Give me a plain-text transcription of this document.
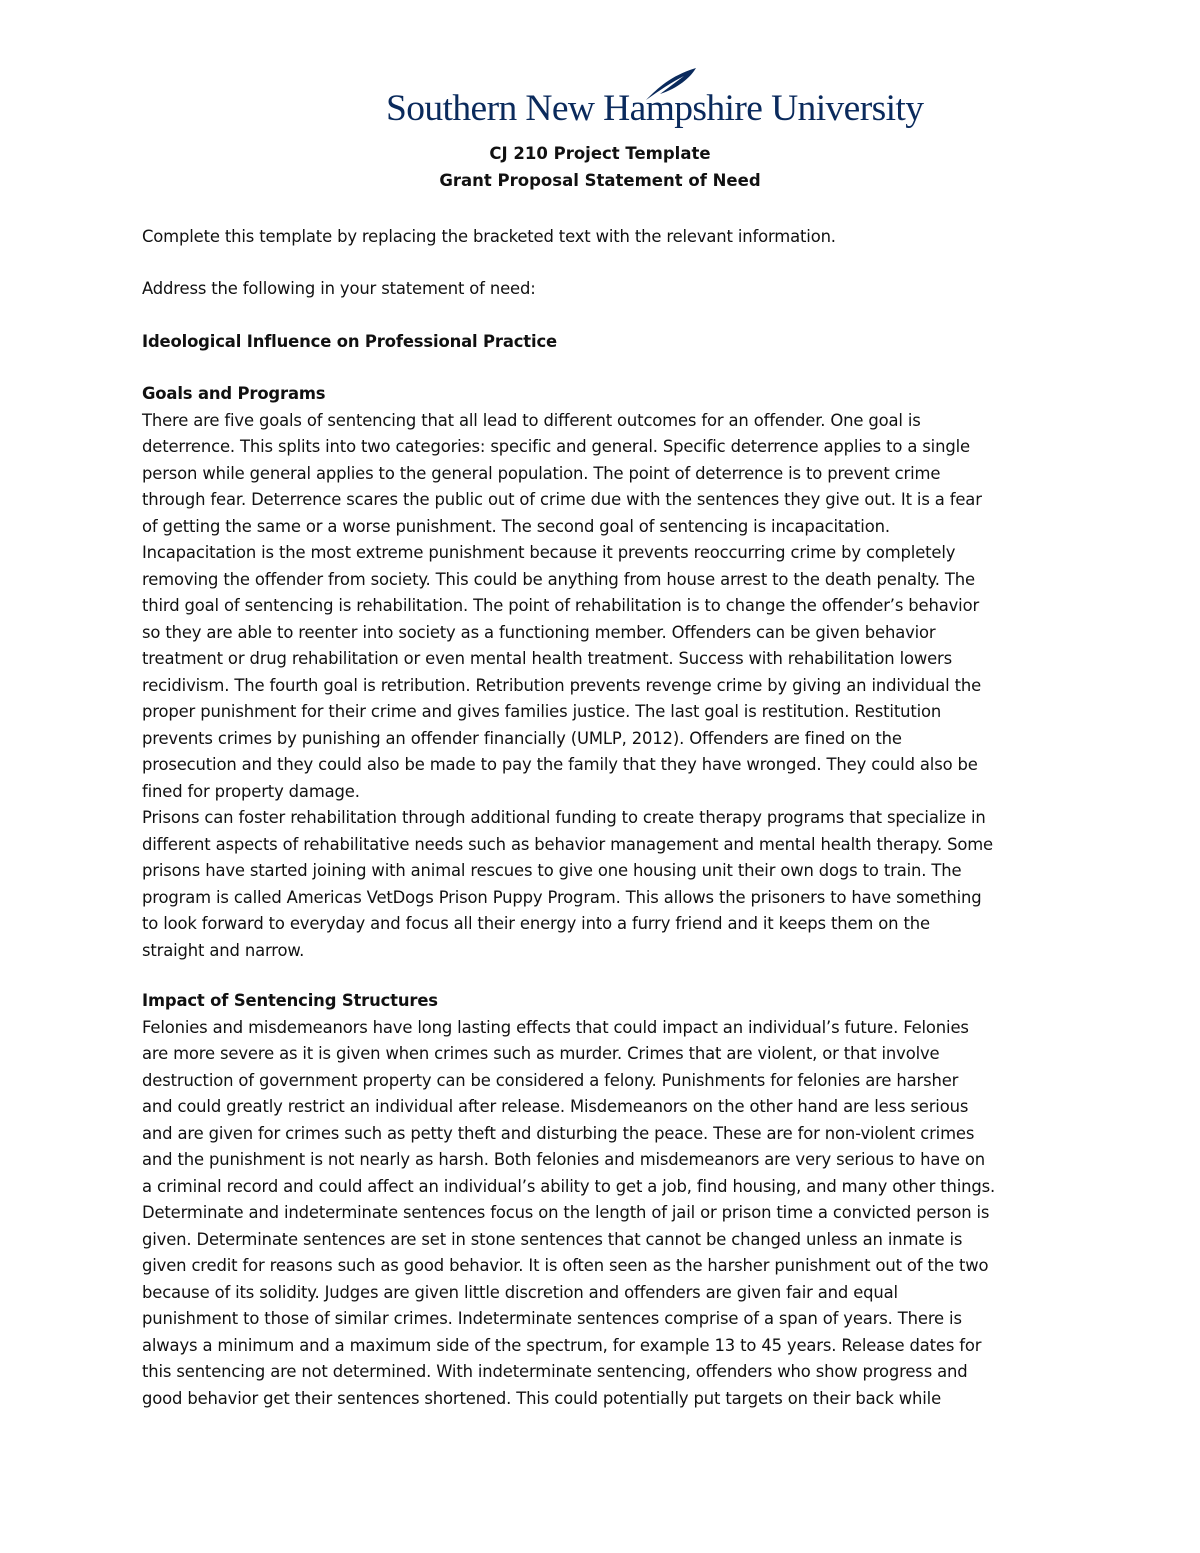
Southern New Hampshire University
CJ 210 Project Template
Grant Proposal Statement of Need
Complete this template by replacing the bracketed text with the relevant information.
Address the following in your statement of need:
Ideological Influence on Professional Practice
Goals and Programs
There are five goals of sentencing that all lead to different outcomes for an offender. One goal is
deterrence. This splits into two categories: specific and general. Specific deterrence applies to a single
person while general applies to the general population. The point of deterrence is to prevent crime
through fear. Deterrence scares the public out of crime due with the sentences they give out. It is a fear
of getting the same or a worse punishment. The second goal of sentencing is incapacitation.
Incapacitation is the most extreme punishment because it prevents reoccurring crime by completely
removing the offender from society. This could be anything from house arrest to the death penalty. The
third goal of sentencing is rehabilitation. The point of rehabilitation is to change the offender’s behavior
so they are able to reenter into society as a functioning member. Offenders can be given behavior
treatment or drug rehabilitation or even mental health treatment. Success with rehabilitation lowers
recidivism. The fourth goal is retribution. Retribution prevents revenge crime by giving an individual the
proper punishment for their crime and gives families justice. The last goal is restitution. Restitution
prevents crimes by punishing an offender financially (UMLP, 2012). Offenders are fined on the
prosecution and they could also be made to pay the family that they have wronged. They could also be
fined for property damage.
Prisons can foster rehabilitation through additional funding to create therapy programs that specialize in
different aspects of rehabilitative needs such as behavior management and mental health therapy. Some
prisons have started joining with animal rescues to give one housing unit their own dogs to train. The
program is called Americas VetDogs Prison Puppy Program. This allows the prisoners to have something
to look forward to everyday and focus all their energy into a furry friend and it keeps them on the
straight and narrow.
Impact of Sentencing Structures
Felonies and misdemeanors have long lasting effects that could impact an individual’s future. Felonies
are more severe as it is given when crimes such as murder. Crimes that are violent, or that involve
destruction of government property can be considered a felony. Punishments for felonies are harsher
and could greatly restrict an individual after release. Misdemeanors on the other hand are less serious
and are given for crimes such as petty theft and disturbing the peace. These are for non-violent crimes
and the punishment is not nearly as harsh. Both felonies and misdemeanors are very serious to have on
a criminal record and could affect an individual’s ability to get a job, find housing, and many other things.
Determinate and indeterminate sentences focus on the length of jail or prison time a convicted person is
given. Determinate sentences are set in stone sentences that cannot be changed unless an inmate is
given credit for reasons such as good behavior. It is often seen as the harsher punishment out of the two
because of its solidity. Judges are given little discretion and offenders are given fair and equal
punishment to those of similar crimes. Indeterminate sentences comprise of a span of years. There is
always a minimum and a maximum side of the spectrum, for example 13 to 45 years. Release dates for
this sentencing are not determined. With indeterminate sentencing, offenders who show progress and
good behavior get their sentences shortened. This could potentially put targets on their back while
